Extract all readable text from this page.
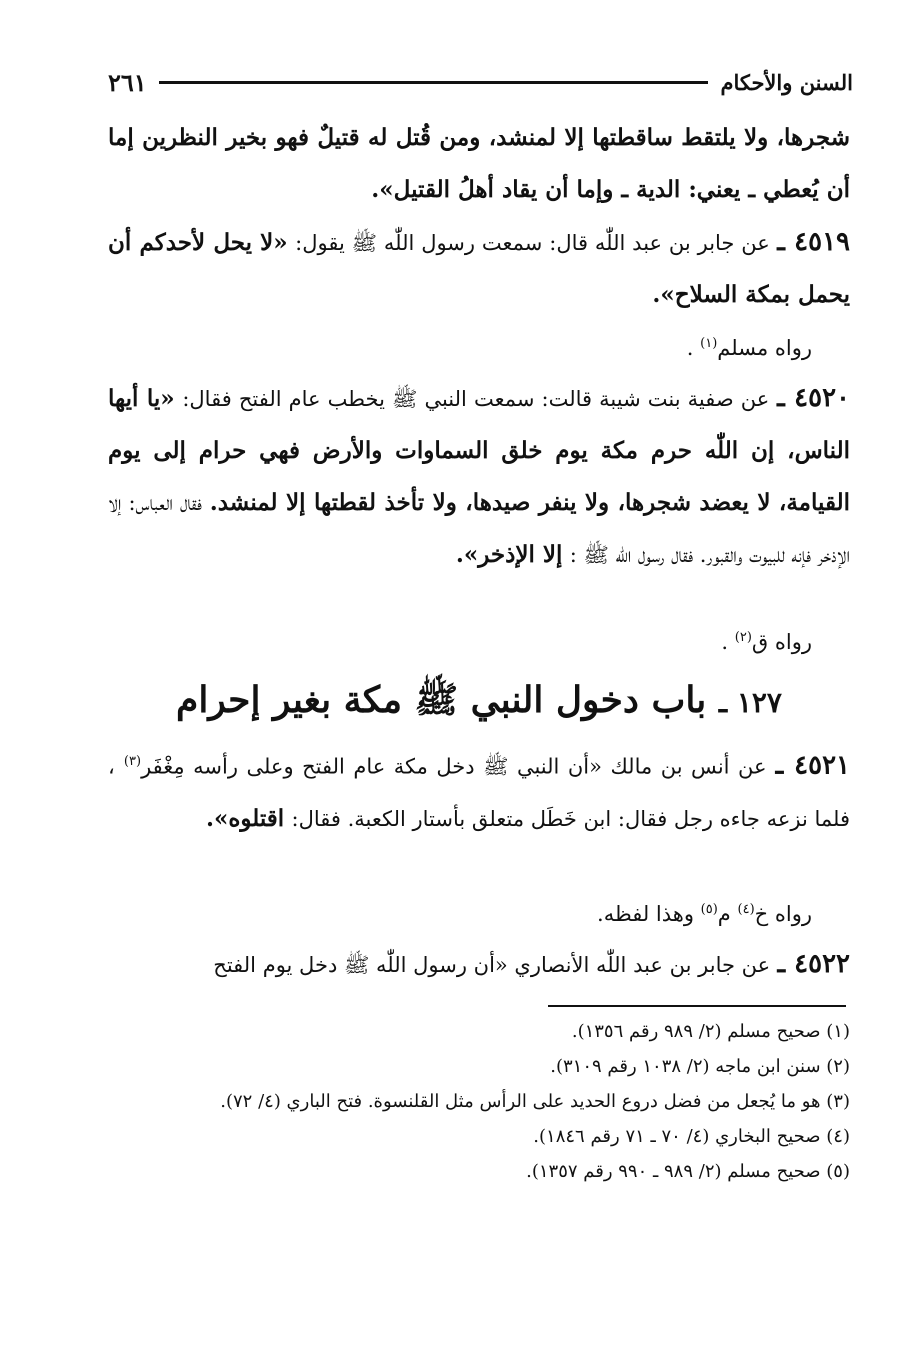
السنن والأحكام
٢٦١
شجرها، ولا يلتقط ساقطتها إلا لمنشد، ومن قُتل له قتيلٌ فهو بخير النظرين إما أن يُعطي ـ يعني: الدية ـ وإما أن يقاد أهلُ القتيل».
٤٥١٩ ـ عن جابر بن عبد اللّٰه قال: سمعت رسول اللّٰه ﷺ يقول: «لا يحل لأحدكم أن يحمل بمكة السلاح».
رواه مسلم$^{(١)}$ .
٤٥٢٠ ـ عن صفية بنت شيبة قالت: سمعت النبي ﷺ يخطب عام الفتح فقال: «يا أيها الناس، إن اللّٰه حرم مكة يوم خلق السماوات والأرض فهي حرام إلى يوم القيامة، لا يعضد شجرها، ولا ينفر صيدها، ولا تأخذ لقطتها إلا لمنشد. فقال العباس: إلا الإذخر فإنه للبيوت والقبور. فقال رسول اللّٰه ﷺ : إلا الإذخر».
رواه ق$^{(٢)}$ .
١٢٧ ـ باب دخول النبي ﷺ مكة بغير إحرام
٤٥٢١ ـ عن أنس بن مالك «أن النبي ﷺ دخل مكة عام الفتح وعلى رأسه مِغْفَر$^{(٣)}$ ، فلما نزعه جاءه رجل فقال: ابن خَطَل متعلق بأستار الكعبة. فقال: اقتلوه».
رواه خ$^{(٤)}$ م$^{(٥)}$ وهذا لفظه.
٤٥٢٢ ـ عن جابر بن عبد اللّٰه الأنصاري «أن رسول اللّٰه ﷺ دخل يوم الفتح
(١) صحيح مسلم (٢/ ٩٨٩ رقم ١٣٥٦).
(٢) سنن ابن ماجه (٢/ ١٠٣٨ رقم ٣١٠٩).
(٣) هو ما يُجعل من فضل دروع الحديد على الرأس مثل القلنسوة. فتح الباري (٤/ ٧٢).
(٤) صحيح البخاري (٤/ ٧٠ ـ ٧١ رقم ١٨٤٦).
(٥) صحيح مسلم (٢/ ٩٨٩ ـ ٩٩٠ رقم ١٣٥٧).
